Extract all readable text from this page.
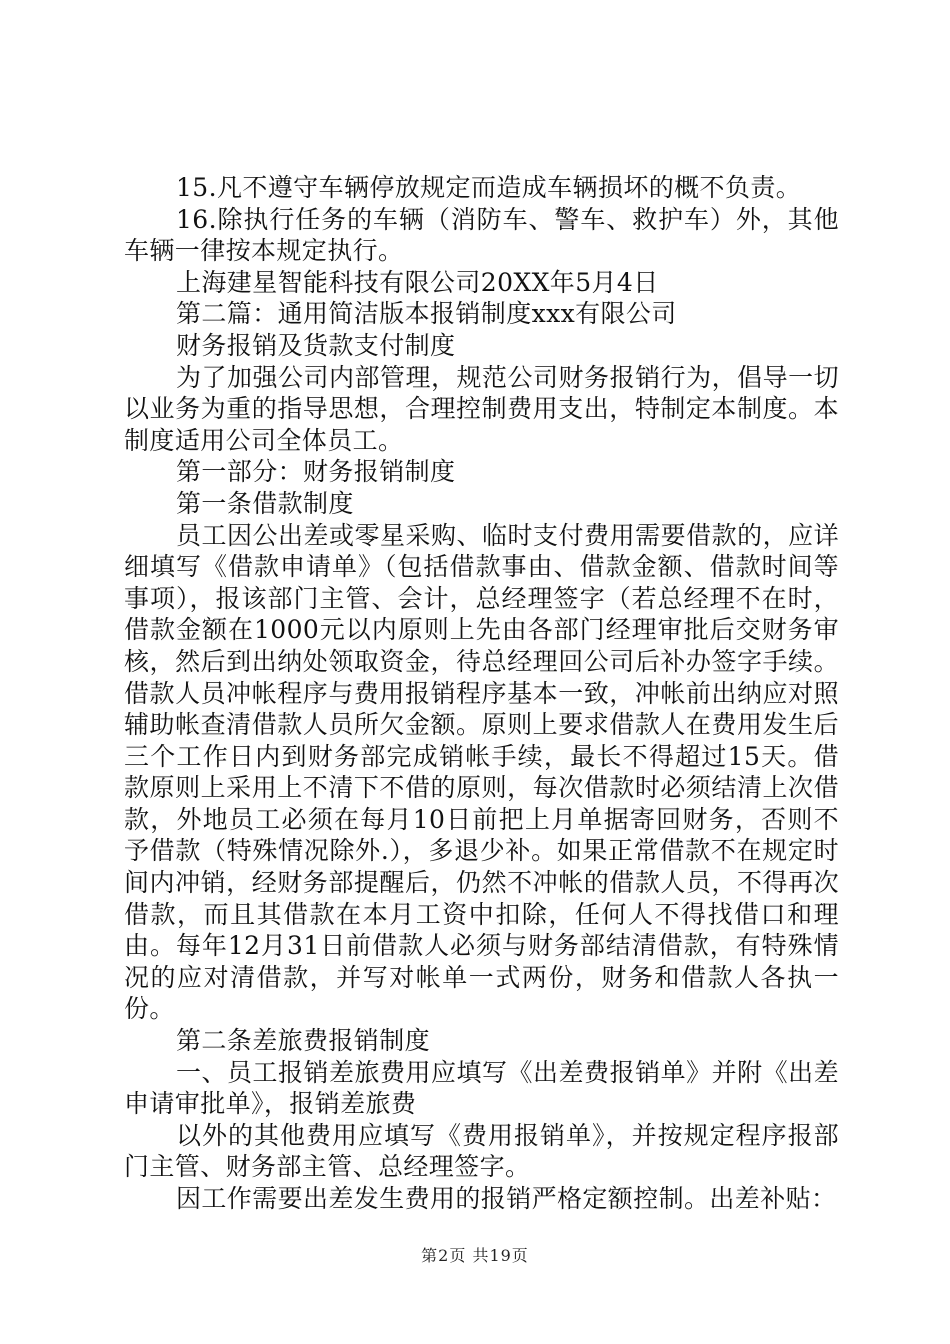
15.凡不遵守车辆停放规定而造成车辆损坏的概不负责。

16.除执行任务的车辆（消防车、警车、救护车）外，其他车辆一律按本规定执行。

上海建星智能科技有限公司20XX年5月4日

第二篇：通用简洁版本报销制度xxx有限公司

财务报销及货款支付制度

为了加强公司内部管理，规范公司财务报销行为，倡导一切以业务为重的指导思想，合理控制费用支出，特制定本制度。本制度适用公司全体员工。

第一部分：财务报销制度

第一条借款制度

员工因公出差或零星采购、临时支付费用需要借款的，应详细填写《借款申请单》（包括借款事由、借款金额、借款时间等事项），报该部门主管、会计，总经理签字（若总经理不在时，借款金额在1000元以内原则上先由各部门经理审批后交财务审核，然后到出纳处领取资金，待总经理回公司后补办签字手续。借款人员冲帐程序与费用报销程序基本一致，冲帐前出纳应对照辅助帐查清借款人员所欠金额。原则上要求借款人在费用发生后三个工作日内到财务部完成销帐手续，最长不得超过15天。借款原则上采用上不清下不借的原则，每次借款时必须结清上次借款，外地员工必须在每月10日前把上月单据寄回财务，否则不予借款（特殊情况除外.），多退少补。如果正常借款不在规定时间内冲销，经财务部提醒后，仍然不冲帐的借款人员，不得再次借款，而且其借款在本月工资中扣除，任何人不得找借口和理由。每年12月31日前借款人必须与财务部结清借款，有特殊情况的应对清借款，并写对帐单一式两份，财务和借款人各执一份。

第二条差旅费报销制度

一、员工报销差旅费用应填写《出差费报销单》并附《出差申请审批单》，报销差旅费

以外的其他费用应填写《费用报销单》，并按规定程序报部门主管、财务部主管、总经理签字。

因工作需要出差发生费用的报销严格定额控制。出差补贴：

第2页 共19页
